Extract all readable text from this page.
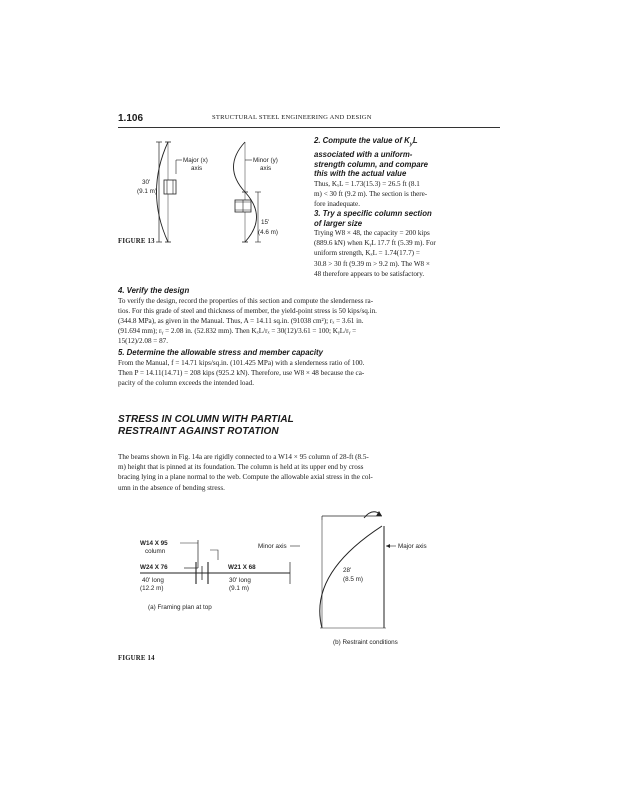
1.106	STRUCTURAL STEEL ENGINEERING AND DESIGN
Major (x)
axis
Minor (y)
axis
30'
(9.1 m)
15'
(4.6 m)
FIGURE 13
2. Compute the value of $K_yL$
associated with a uniform-
strength column, and compare
this with the actual value

Thus, KₓL = 1.73(15.3) = 26.5 ft (8.1

m) < 30 ft (9.2 m). The section is there-

fore inadequate.

3. Try a specific column section
of larger size

Trying W8 × 48, the capacity = 200 kips

(889.6 kN) when KᵧL 17.7 ft (5.39 m). For

uniform strength, KₓL = 1.74(17.7) =

30.8 > 30 ft (9.39 m > 9.2 m). The W8 ×

48 therefore appears to be satisfactory.

4. Verify the design

To verify the design, record the properties of this section and compute the slenderness ra-

tios. For this grade of steel and thickness of member, the yield-point stress is 50 kips/sq.in.

(344.8 MPa), as given in the Manual. Thus, A = 14.11 sq.in. (91038 cm²); rₓ = 3.61 in.

(91.694 mm); rᵧ = 2.08 in. (52.832 mm). Then KₓL/rₓ = 30(12)/3.61 = 100; KᵧL/rᵧ =

15(12)/2.08 = 87.

5. Determine the allowable stress and member capacity

From the Manual, f = 14.71 kips/sq.in. (101.425 MPa) with a slenderness ratio of 100.

Then P = 14.11(14.71) = 208 kips (925.2 kN). Therefore, use W8 × 48 because the ca-

pacity of the column exceeds the intended load.

STRESS IN COLUMN WITH PARTIAL
RESTRAINT AGAINST ROTATION

The beams shown in Fig. 14a are rigidly connected to a W14 × 95 column of 28-ft (8.5-

m) height that is pinned at its foundation. The column is held at its upper end by cross

bracing lying in a plane normal to the web. Compute the allowable axial stress in the col-

umn in the absence of bending stress.

W14 X 95
column
Minor axis
W24 X 76
40' long
(12.2 m)
W21 X 68
30' long
(9.1 m)
(a) Framing plan at top
Major axis
28'
(8.5 m)
(b) Restraint conditions
FIGURE 14
